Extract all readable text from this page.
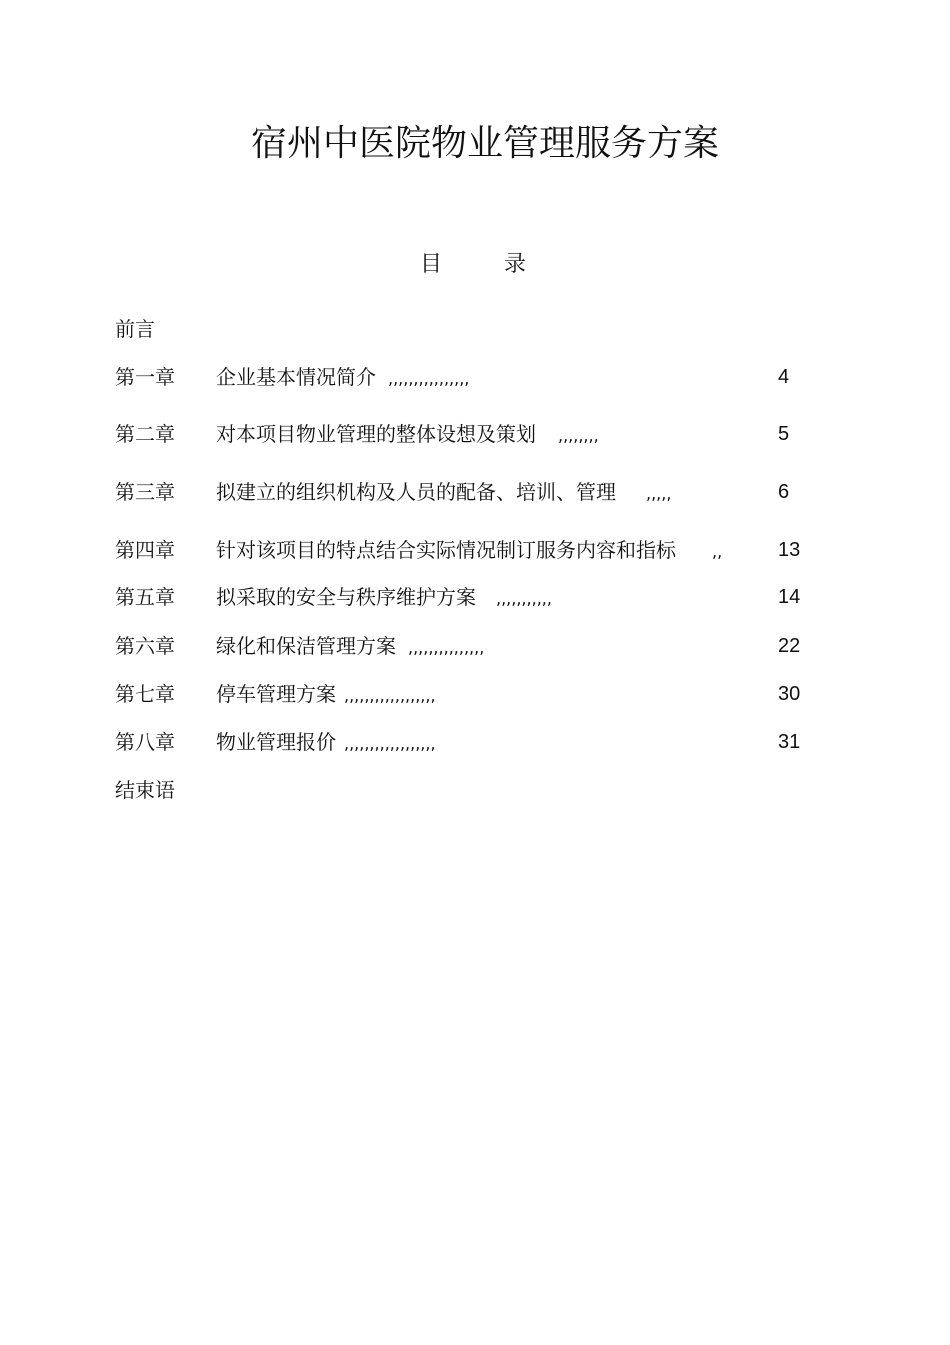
宿州中医院物业管理服务方案
目	录
前言
第一章 企业基本情况简介 ,,,,,,,,,,,,,,,,	4
第二章 对本项目物业管理的整体设想及策划 ,,,,,,,,	5
第三章 拟建立的组织机构及人员的配备、培训、管理 ,,,,,	6
第四章 针对该项目的特点结合实际情况制订服务内容和指标 ,,	13
第五章 拟采取的安全与秩序维护方案 ,,,,,,,,,,,	14
第六章 绿化和保洁管理方案 ,,,,,,,,,,,,,,,	22
第七章 停车管理方案 ,,,,,,,,,,,,,,,,,,	30
第八章 物业管理报价 ,,,,,,,,,,,,,,,,,,	31
结束语
